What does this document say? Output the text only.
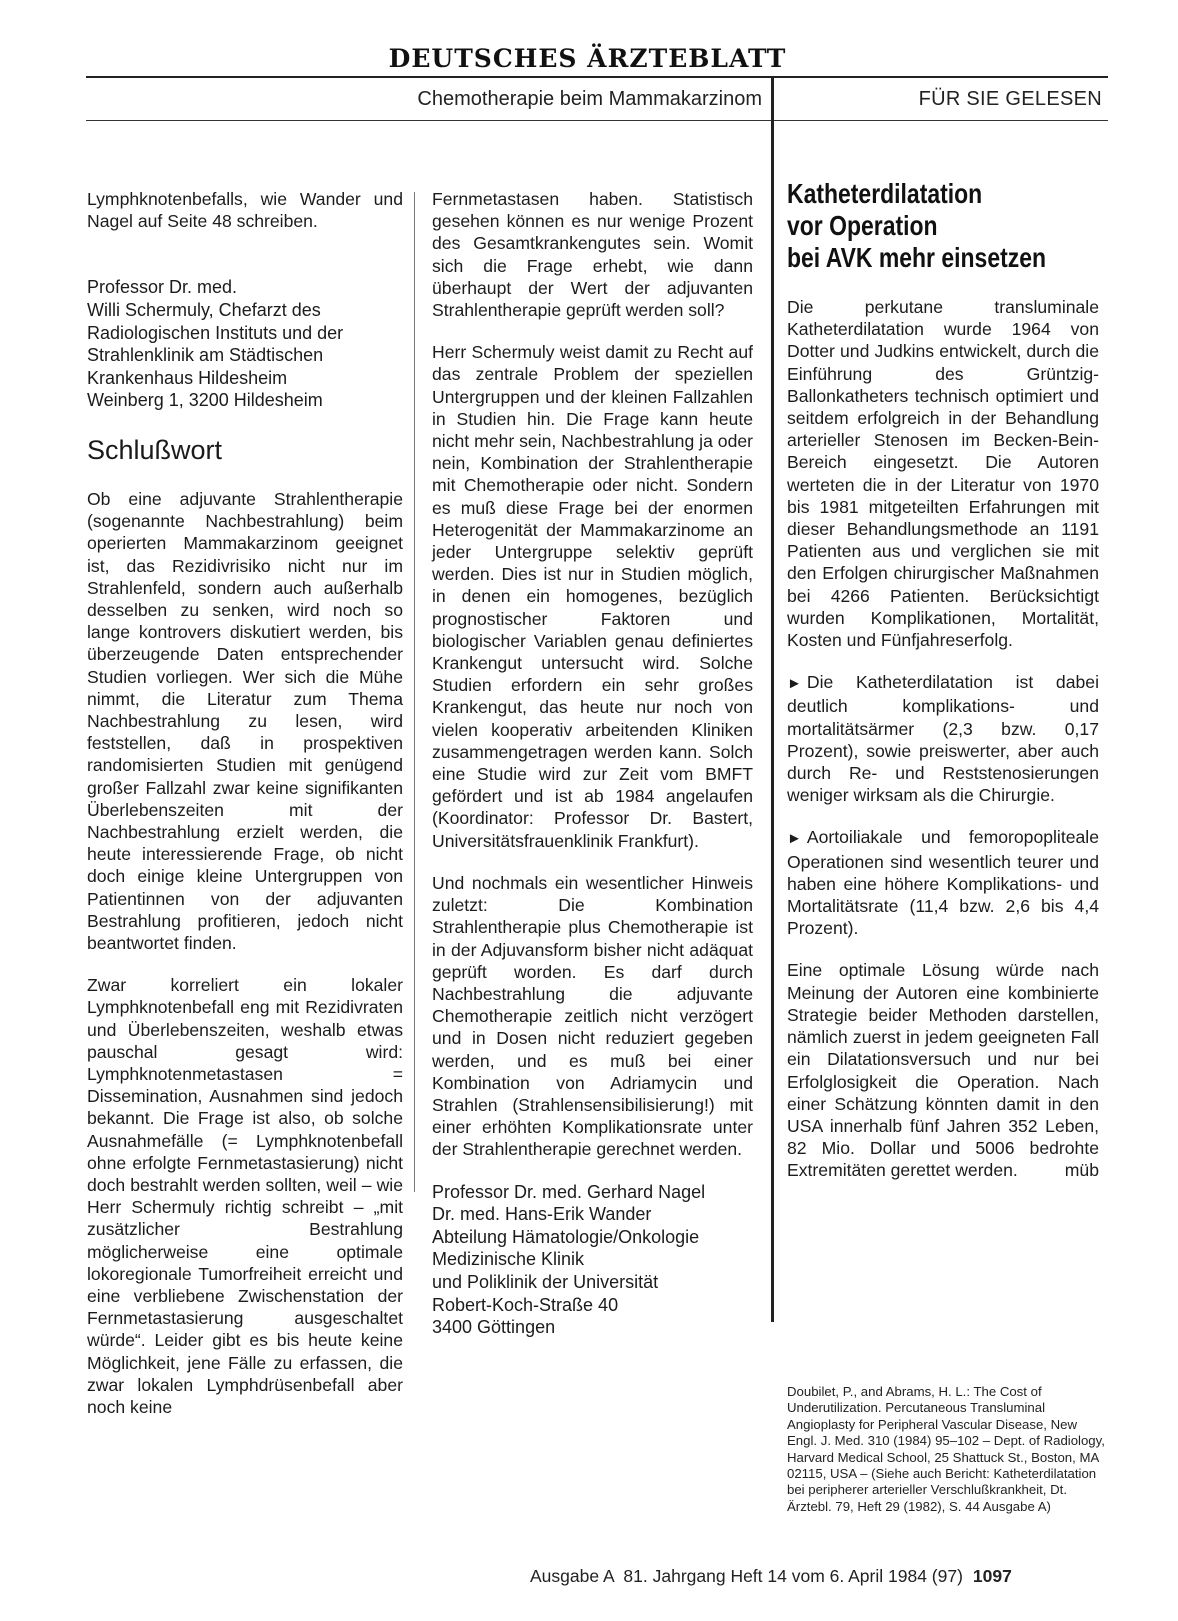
DEUTSCHES ÄRZTEBLATT
Chemotherapie beim Mammakarzinom	FÜR SIE GELESEN

Lymphknotenbefalls, wie Wander und Nagel auf Seite 48 schreiben.

Professor Dr. med.
Willi Schermuly, Chefarzt des
Radiologischen Instituts und der
Strahlenklinik am Städtischen
Krankenhaus Hildesheim
Weinberg 1, 3200 Hildesheim
Schlußwort

Ob eine adjuvante Strahlentherapie (sogenannte Nachbestrahlung) beim operierten Mammakarzinom geeignet ist, das Rezidivrisiko nicht nur im Strahlenfeld, sondern auch außerhalb desselben zu senken, wird noch so lange kontrovers diskutiert werden, bis überzeugende Daten entsprechender Studien vorliegen. Wer sich die Mühe nimmt, die Literatur zum Thema Nachbestrahlung zu lesen, wird feststellen, daß in prospektiven randomisierten Studien mit genügend großer Fallzahl zwar keine signifikanten Überlebenszeiten mit der Nachbestrahlung erzielt werden, die heute interessierende Frage, ob nicht doch einige kleine Untergruppen von Patientinnen von der adjuvanten Bestrahlung profitieren, jedoch nicht beantwortet finden.

Zwar korreliert ein lokaler Lymphknotenbefall eng mit Rezidivraten und Überlebenszeiten, weshalb etwas pauschal gesagt wird: Lymphknotenmetastasen = Dissemination, Ausnahmen sind jedoch bekannt. Die Frage ist also, ob solche Ausnahmefälle (= Lymphknotenbefall ohne erfolgte Fernmetastasierung) nicht doch bestrahlt werden sollten, weil – wie Herr Schermuly richtig schreibt – „mit zusätzlicher Bestrahlung möglicherweise eine optimale lokoregionale Tumorfreiheit erreicht und eine verbliebene Zwischenstation der Fernmetastasierung ausgeschaltet würde“. Leider gibt es bis heute keine Möglichkeit, jene Fälle zu erfassen, die zwar lokalen Lymphdrüsenbefall aber noch keine

Fernmetastasen haben. Statistisch gesehen können es nur wenige Prozent des Gesamtkrankengutes sein. Womit sich die Frage erhebt, wie dann überhaupt der Wert der adjuvanten Strahlentherapie geprüft werden soll?

Herr Schermuly weist damit zu Recht auf das zentrale Problem der speziellen Untergruppen und der kleinen Fallzahlen in Studien hin. Die Frage kann heute nicht mehr sein, Nachbestrahlung ja oder nein, Kombination der Strahlentherapie mit Chemotherapie oder nicht. Sondern es muß diese Frage bei der enormen Heterogenität der Mammakarzinome an jeder Untergruppe selektiv geprüft werden. Dies ist nur in Studien möglich, in denen ein homogenes, bezüglich prognostischer Faktoren und biologischer Variablen genau definiertes Krankengut untersucht wird. Solche Studien erfordern ein sehr großes Krankengut, das heute nur noch von vielen kooperativ arbeitenden Kliniken zusammengetragen werden kann. Solch eine Studie wird zur Zeit vom BMFT gefördert und ist ab 1984 angelaufen (Koordinator: Professor Dr. Bastert, Universitätsfrauenklinik Frankfurt).

Und nochmals ein wesentlicher Hinweis zuletzt: Die Kombination Strahlentherapie plus Chemotherapie ist in der Adjuvansform bisher nicht adäquat geprüft worden. Es darf durch Nachbestrahlung die adjuvante Chemotherapie zeitlich nicht verzögert und in Dosen nicht reduziert gegeben werden, und es muß bei einer Kombination von Adriamycin und Strahlen (Strahlensensibilisierung!) mit einer erhöhten Komplikationsrate unter der Strahlentherapie gerechnet werden.

Professor Dr. med. Gerhard Nagel
Dr. med. Hans-Erik Wander
Abteilung Hämatologie/Onkologie
Medizinische Klinik
und Poliklinik der Universität
Robert-Koch-Straße 40
3400 Göttingen
Katheterdilatation
vor Operation
bei AVK mehr einsetzen

Die perkutane transluminale Katheterdilatation wurde 1964 von Dotter und Judkins entwickelt, durch die Einführung des Grüntzig-Ballonkatheters technisch optimiert und seitdem erfolgreich in der Behandlung arterieller Stenosen im Becken-Bein-Bereich eingesetzt. Die Autoren werteten die in der Literatur von 1970 bis 1981 mitgeteilten Erfahrungen mit dieser Behandlungsmethode an 1191 Patienten aus und verglichen sie mit den Erfolgen chirurgischer Maßnahmen bei 4266 Patienten. Berücksichtigt wurden Komplikationen, Mortalität, Kosten und Fünfjahreserfolg.

► Die Katheterdilatation ist dabei deutlich komplikations- und mortalitätsärmer (2,3 bzw. 0,17 Prozent), sowie preiswerter, aber auch durch Re- und Reststenosierungen weniger wirksam als die Chirurgie.

► Aortoiliakale und femoropopliteale Operationen sind wesentlich teurer und haben eine höhere Komplikations- und Mortalitätsrate (11,4 bzw. 2,6 bis 4,4 Prozent).

Eine optimale Lösung würde nach Meinung der Autoren eine kombinierte Strategie beider Methoden darstellen, nämlich zuerst in jedem geeigneten Fall ein Dilatationsversuch und nur bei Erfolglosigkeit die Operation. Nach einer Schätzung könnten damit in den USA innerhalb fünf Jahren 352 Leben, 82 Mio. Dollar und 5006 bedrohte Extremitäten gerettet werden.	müb

Doubilet, P., and Abrams, H. L.: The Cost of Underutilization. Percutaneous Transluminal Angioplasty for Peripheral Vascular Disease, New Engl. J. Med. 310 (1984) 95–102 – Dept. of Radiology, Harvard Medical School, 25 Shattuck St., Boston, MA 02115, USA – (Siehe auch Bericht: Katheterdilatation bei peripherer arterieller Verschlußkrankheit, Dt. Ärztebl. 79, Heft 29 (1982), S. 44 Ausgabe A)
Ausgabe A  81. Jahrgang Heft 14 vom 6. April 1984 (97) 1097
